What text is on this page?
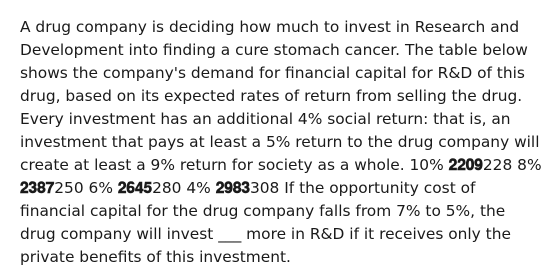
A drug company is deciding how much to invest in Research and Development into finding a cure stomach cancer. The table below shows the company's demand for financial capital for R&D of this drug, based on its expected rates of return from selling the drug. Every investment has an additional 4% social return: that is, an investment that pays at least a 5% return to the drug company will create at least a 9% return for society as a whole. 10% 𝟐𝟐𝟎𝟗228 8% 𝟐𝟑𝟖𝟕250 6% 𝟐𝟔𝟒𝟓280 4% 𝟐𝟗𝟖𝟑308 If the opportunity cost of financial capital for the drug company falls from 7% to 5%, the drug company will invest ___ more in R&D if it receives only the private benefits of this investment.
